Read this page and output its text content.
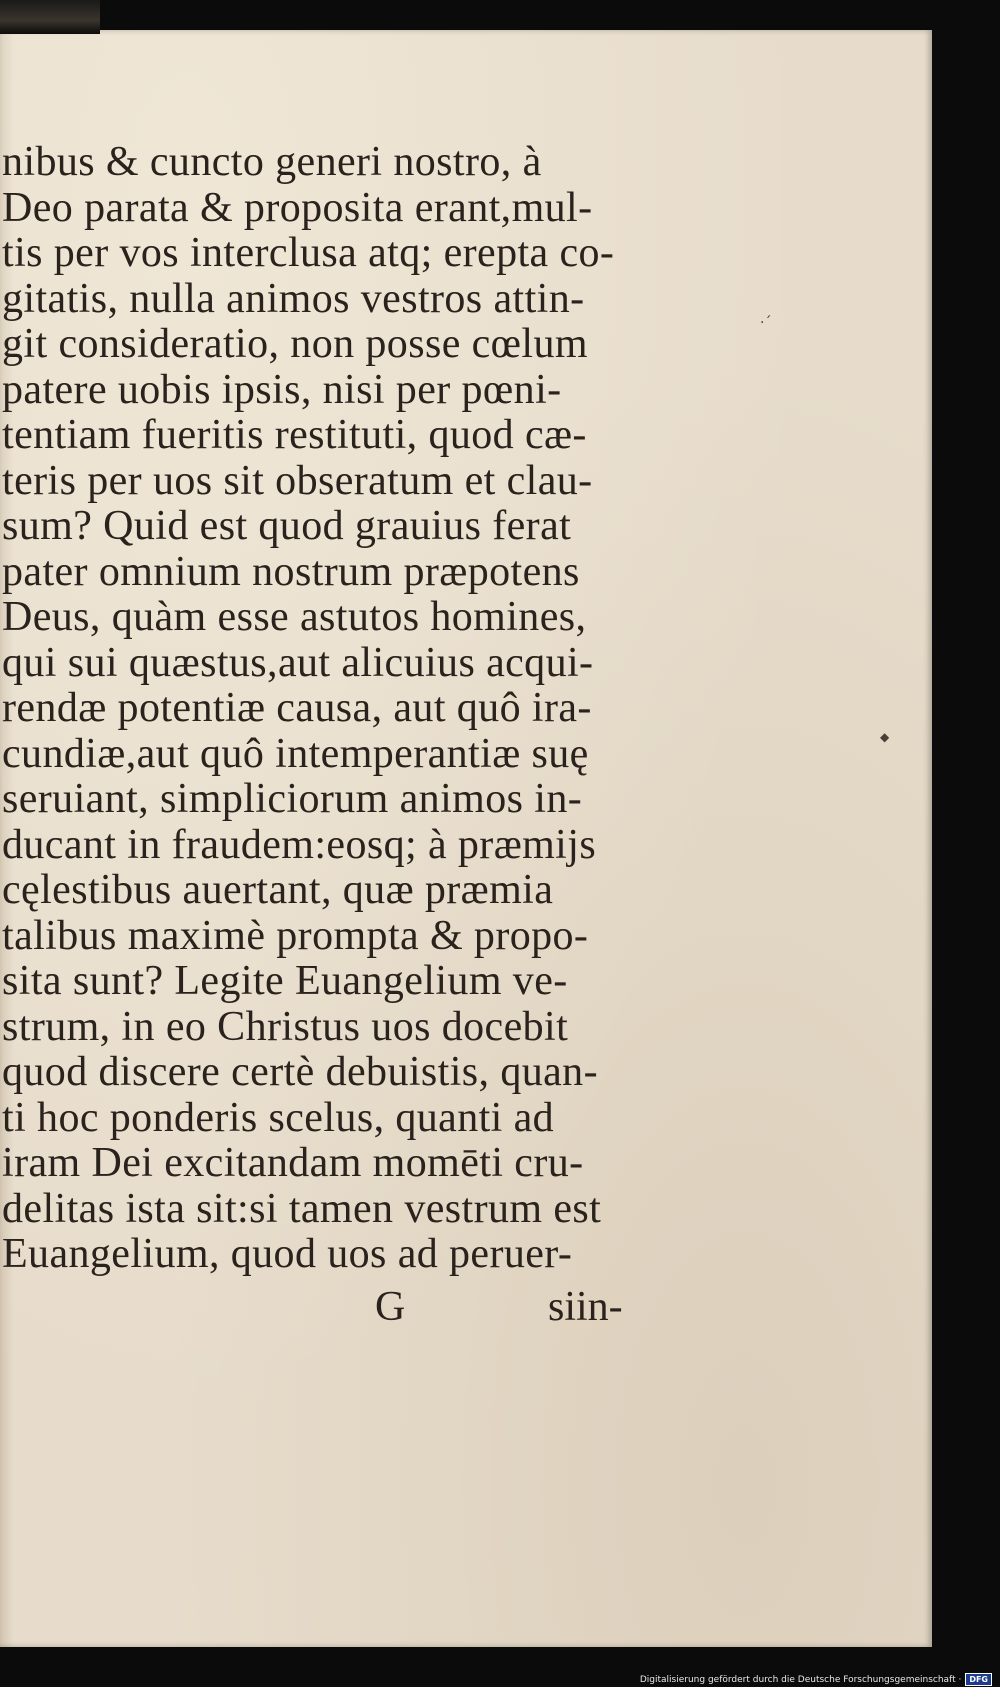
nibus & cuncto generi nostro, à
Deo parata & proposita erant,mul-
tis per vos interclusa atq; erepta co-
gitatis, nulla animos vestros attin-
git consideratio, non posse cœlum
patere uobis ipsis, nisi per pœni-
tentiam fueritis restituti, quod cæ-
teris per uos sit obseratum et clau-
sum? Quid est quod grauius ferat
pater omnium nostrum præpotens
Deus, quàm esse astutos homines,
qui sui quæstus,aut alicuius acqui-
rendæ potentiæ causa, aut quô ira-
cundiæ,aut quô intemperantiæ suę
seruiant, simpliciorum animos in-
ducant in fraudem:eosq; à præmijs
cęlestibus auertant, quæ præmia
talibus maximè prompta & propo-
sita sunt? Legite Euangelium ve-
strum, in eo Christus uos docebit
quod discere certè debuistis, quan-
ti hoc ponderis scelus, quanti ad
iram Dei excitandam momēti cru-
delitas ista sit:si tamen vestrum est
Euangelium, quod uos ad peruer-
G	siin-
·ˊ
◆
Digitalisierung gefördert durch die Deutsche Forschungsgemeinschaft ·	DFG
